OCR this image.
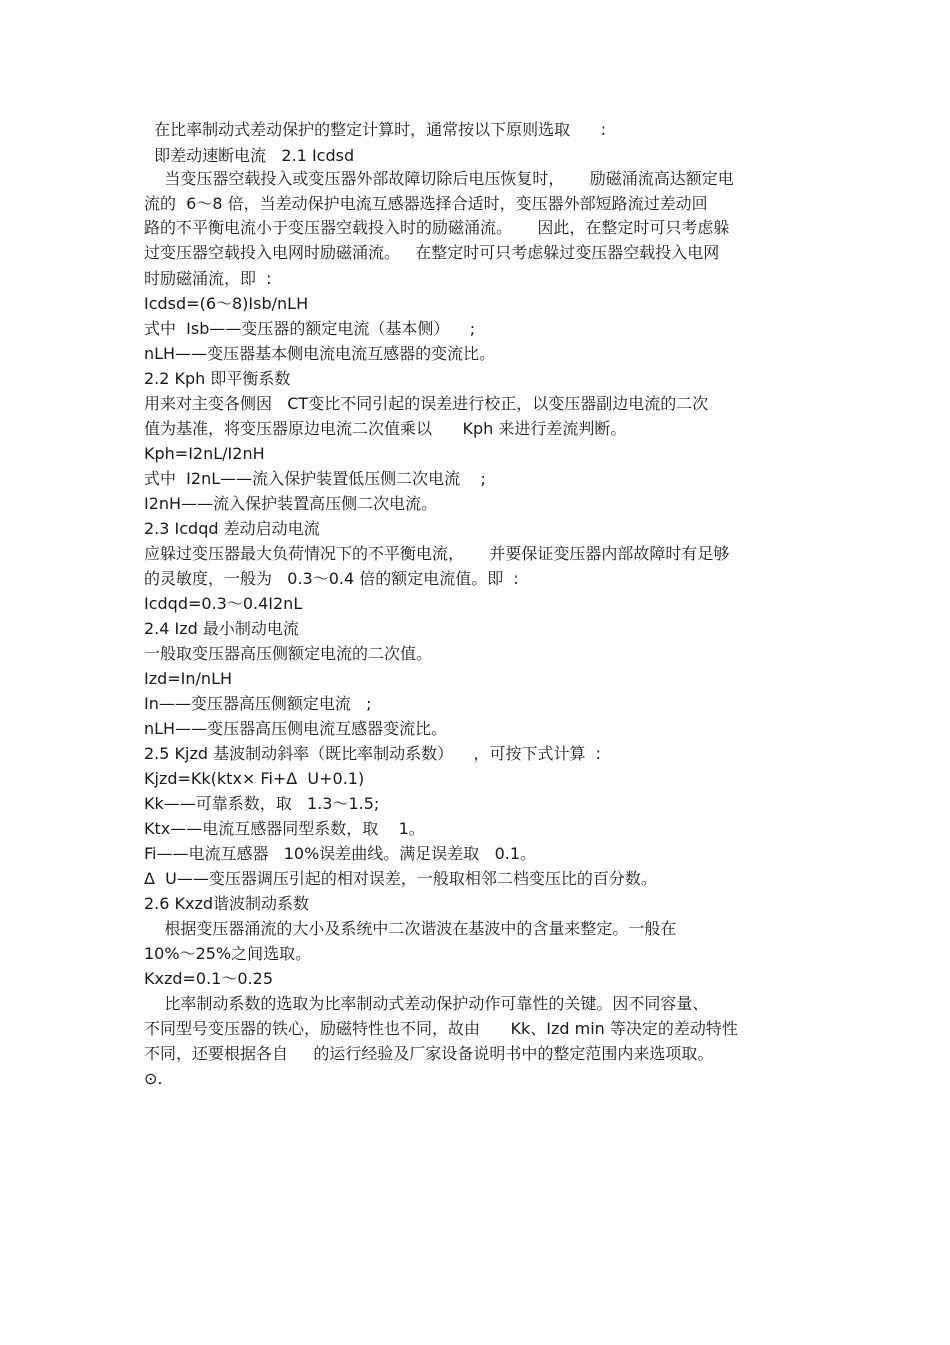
在比率制动式差动保护的整定计算时，通常按以下原则选取      :
即差动速断电流   2.1 Icdsd
当变压器空载投入或变压器外部故障切除后电压恢复时，     励磁涌流高达额定电
流的  6～8 倍，当差动保护电流互感器选择合适时，变压器外部短路流过差动回
路的不平衡电流小于变压器空载投入时的励磁涌流。     因此，在整定时可只考虑躲
过变压器空载投入电网时励磁涌流。   在整定时可只考虑躲过变压器空载投入电网
时励磁涌流，即  :
Icdsd=(6～8)Isb/nLH
式中  Isb——变压器的额定电流（基本侧）    ;
nLH——变压器基本侧电流电流互感器的变流比。
2.2 Kph 即平衡系数
用来对主变各侧因   CT变比不同引起的误差进行校正，以变压器副边电流的二次
值为基准，将变压器原边电流二次值乘以      Kph 来进行差流判断。
Kph=I2nL/I2nH
式中  I2nL——流入保护装置低压侧二次电流    ;
I2nH——流入保护装置高压侧二次电流。
2.3 Icdqd 差动启动电流
应躲过变压器最大负荷情况下的不平衡电流，     并要保证变压器内部故障时有足够
的灵敏度，一般为   0.3～0.4 倍的额定电流值。即  :
Icdqd=0.3～0.4I2nL
2.4 Izd 最小制动电流
一般取变压器高压侧额定电流的二次值。
Izd=In/nLH
In——变压器高压侧额定电流   ;
nLH——变压器高压侧电流互感器变流比。
2.5 Kjzd 基波制动斜率（既比率制动系数）    ，可按下式计算  :
Kjzd=Kk(ktx× Fi+Δ  U+0.1)
Kk——可靠系数，取   1.3～1.5;
Ktx——电流互感器同型系数，取    1。
Fi——电流互感器   10%误差曲线。满足误差取   0.1。
Δ  U——变压器调压引起的相对误差，一般取相邻二档变压比的百分数。
2.6 Kxzd谐波制动系数
根据变压器涌流的大小及系统中二次谐波在基波中的含量来整定。一般在
10%～25%之间选取。
Kxzd=0.1～0.25
比率制动系数的选取为比率制动式差动保护动作可靠性的关键。因不同容量、
不同型号变压器的铁心，励磁特性也不同，故由      Kk、Izd min 等决定的差动特性
不同，还要根据各自     的运行经验及厂家设备说明书中的整定范围内来选项取。
⊙.
